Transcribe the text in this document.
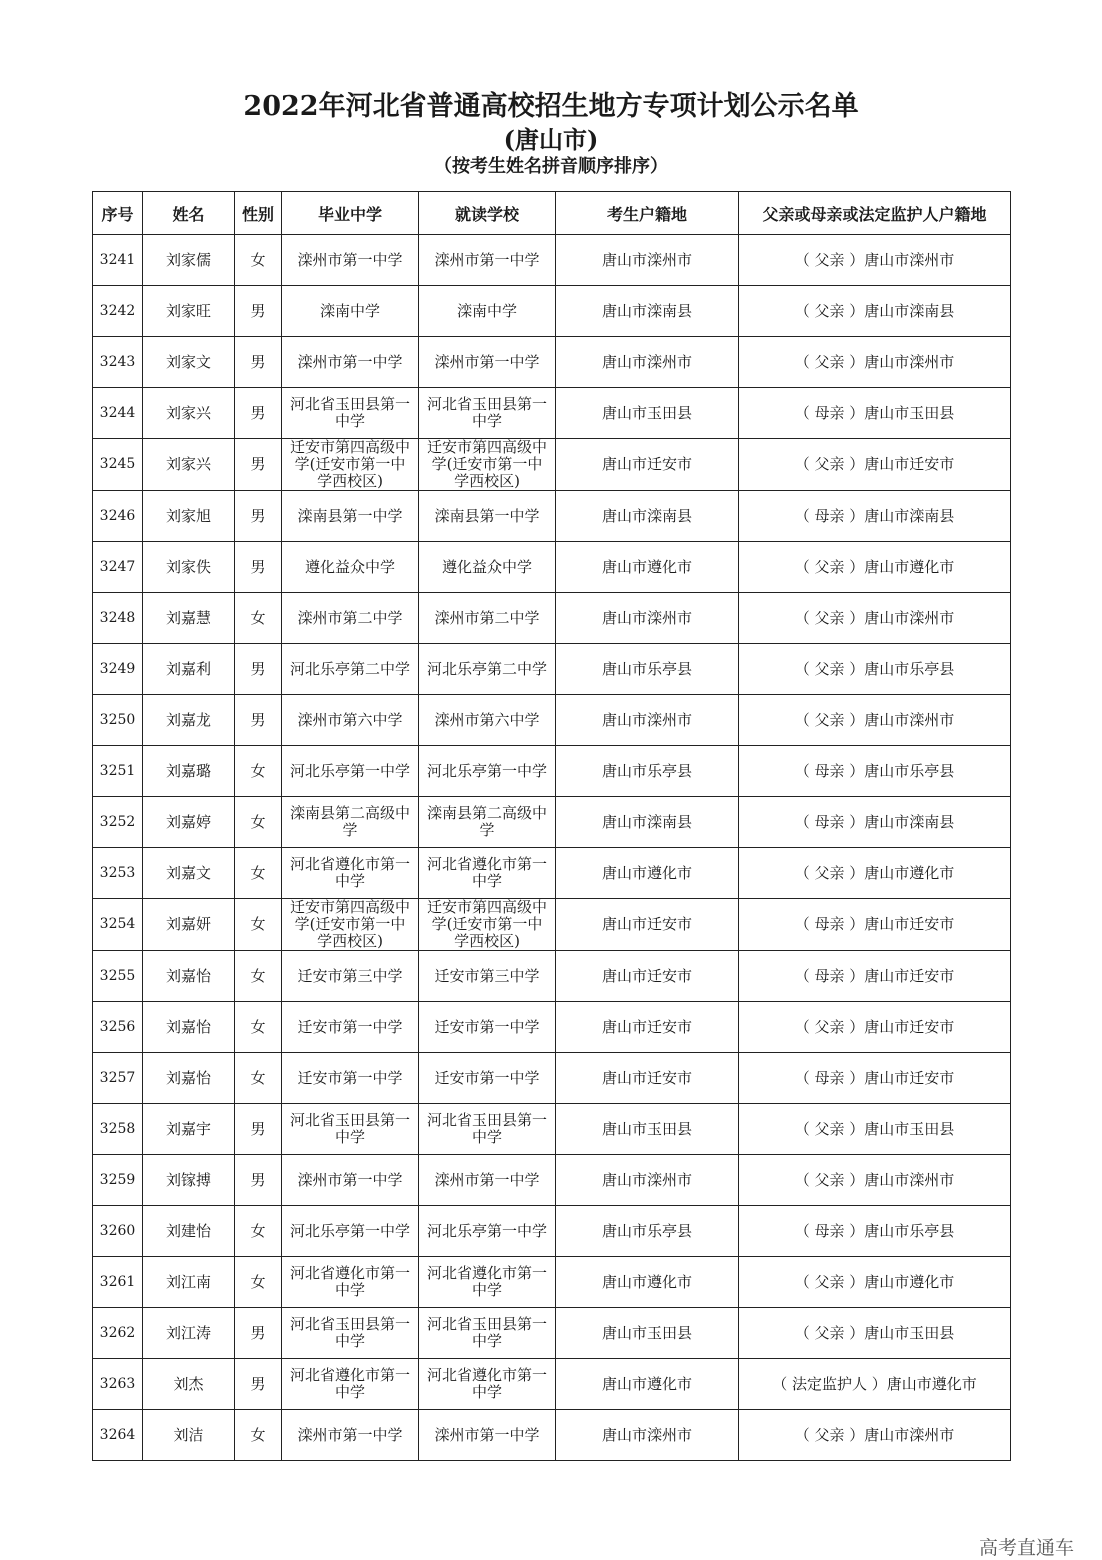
2022年河北省普通高校招生地方专项计划公示名单
(唐山市)
（按考生姓名拼音顺序排序）
序号	姓名	性别	毕业中学	就读学校	考生户籍地	父亲或母亲或法定监护人户籍地
3241	刘家儒	女	滦州市第一中学	滦州市第一中学	唐山市滦州市	（ 父亲 ）唐山市滦州市
3242	刘家旺	男	滦南中学	滦南中学	唐山市滦南县	（ 父亲 ）唐山市滦南县
3243	刘家文	男	滦州市第一中学	滦州市第一中学	唐山市滦州市	（ 父亲 ）唐山市滦州市
3244	刘家兴	男	河北省玉田县第一中学	河北省玉田县第一中学	唐山市玉田县	（ 母亲 ）唐山市玉田县
3245	刘家兴	男	迁安市第四高级中学(迁安市第一中学西校区)	迁安市第四高级中学(迁安市第一中学西校区)	唐山市迁安市	（ 父亲 ）唐山市迁安市
3246	刘家旭	男	滦南县第一中学	滦南县第一中学	唐山市滦南县	（ 母亲 ）唐山市滦南县
3247	刘家佚	男	遵化益众中学	遵化益众中学	唐山市遵化市	（ 父亲 ）唐山市遵化市
3248	刘嘉慧	女	滦州市第二中学	滦州市第二中学	唐山市滦州市	（ 父亲 ）唐山市滦州市
3249	刘嘉利	男	河北乐亭第二中学	河北乐亭第二中学	唐山市乐亭县	（ 父亲 ）唐山市乐亭县
3250	刘嘉龙	男	滦州市第六中学	滦州市第六中学	唐山市滦州市	（ 父亲 ）唐山市滦州市
3251	刘嘉璐	女	河北乐亭第一中学	河北乐亭第一中学	唐山市乐亭县	（ 母亲 ）唐山市乐亭县
3252	刘嘉婷	女	滦南县第二高级中学	滦南县第二高级中学	唐山市滦南县	（ 母亲 ）唐山市滦南县
3253	刘嘉文	女	河北省遵化市第一中学	河北省遵化市第一中学	唐山市遵化市	（ 父亲 ）唐山市遵化市
3254	刘嘉妍	女	迁安市第四高级中学(迁安市第一中学西校区)	迁安市第四高级中学(迁安市第一中学西校区)	唐山市迁安市	（ 母亲 ）唐山市迁安市
3255	刘嘉怡	女	迁安市第三中学	迁安市第三中学	唐山市迁安市	（ 母亲 ）唐山市迁安市
3256	刘嘉怡	女	迁安市第一中学	迁安市第一中学	唐山市迁安市	（ 父亲 ）唐山市迁安市
3257	刘嘉怡	女	迁安市第一中学	迁安市第一中学	唐山市迁安市	（ 母亲 ）唐山市迁安市
3258	刘嘉宇	男	河北省玉田县第一中学	河北省玉田县第一中学	唐山市玉田县	（ 父亲 ）唐山市玉田县
3259	刘镓搏	男	滦州市第一中学	滦州市第一中学	唐山市滦州市	（ 父亲 ）唐山市滦州市
3260	刘建怡	女	河北乐亭第一中学	河北乐亭第一中学	唐山市乐亭县	（ 母亲 ）唐山市乐亭县
3261	刘江南	女	河北省遵化市第一中学	河北省遵化市第一中学	唐山市遵化市	（ 父亲 ）唐山市遵化市
3262	刘江涛	男	河北省玉田县第一中学	河北省玉田县第一中学	唐山市玉田县	（ 父亲 ）唐山市玉田县
3263	刘杰	男	河北省遵化市第一中学	河北省遵化市第一中学	唐山市遵化市	（ 法定监护人 ）唐山市遵化市
3264	刘洁	女	滦州市第一中学	滦州市第一中学	唐山市滦州市	（ 父亲 ）唐山市滦州市
高考直通车
